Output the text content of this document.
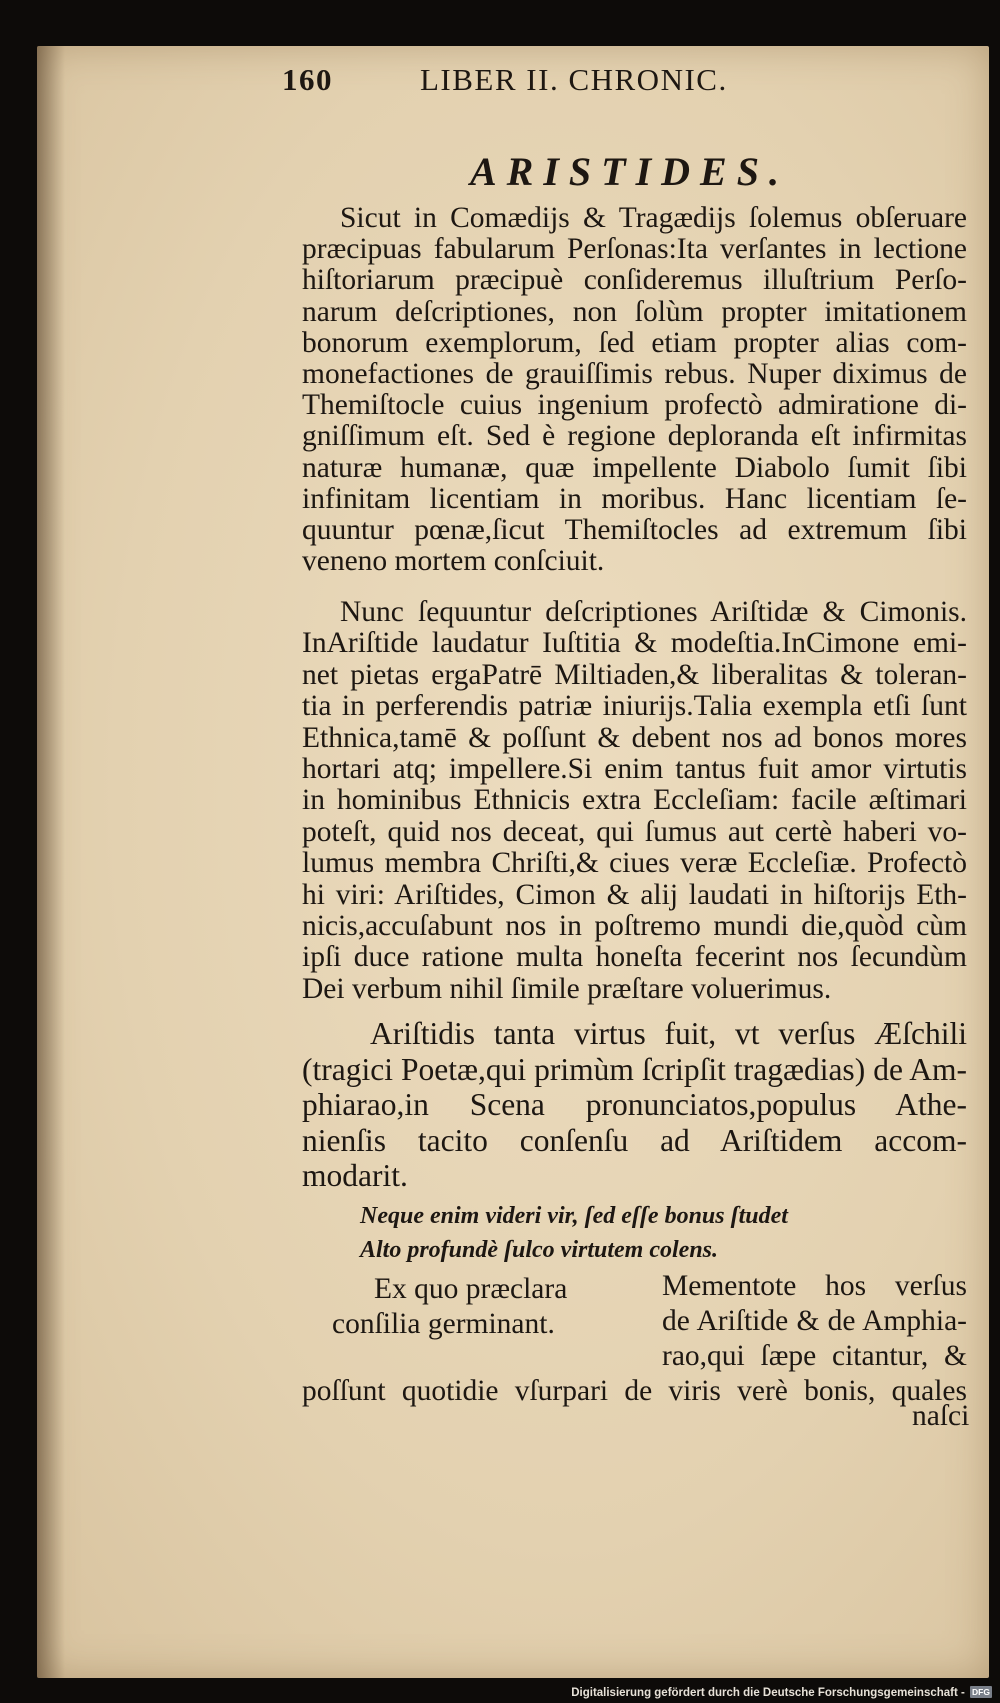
160	LIBER II. CHRONIC.
ARISTIDES.
Sicut in Comædijs & Tragædijs ſolemus obſeruare
præcipuas fabularum Perſonas:Ita verſantes in lectione
hiſtoriarum præcipuè conſideremus illuſtrium Perſo-
narum deſcriptiones, non ſolùm propter imitationem
bonorum exemplorum, ſed etiam propter alias com-
monefactiones de grauiſſimis rebus. Nuper diximus de
Themiſtocle cuius ingenium profectò admiratione di-
gniſſimum eſt. Sed è regione deploranda eſt infirmitas
naturæ humanæ, quæ impellente Diabolo ſumit ſibi
infinitam licentiam in moribus. Hanc licentiam ſe-
quuntur pœnæ,ſicut Themiſtocles ad extremum ſibi
veneno mortem conſciuit.
Nunc ſequuntur deſcriptiones Ariſtidæ & Cimonis.
InAriſtide laudatur Iuſtitia & modeſtia.InCimone emi-
net pietas ergaPatrē Miltiaden,& liberalitas & toleran-
tia in perferendis patriæ iniurijs.Talia exempla etſi ſunt
Ethnica,tamē & poſſunt & debent nos ad bonos mores
hortari atq; impellere.Si enim tantus fuit amor virtutis
in hominibus Ethnicis extra Eccleſiam: facile æſtimari
poteſt, quid nos deceat, qui ſumus aut certè haberi vo-
lumus membra Chriſti,& ciues veræ Eccleſiæ. Profectò
hi viri: Ariſtides, Cimon & alij laudati in hiſtorijs Eth-
nicis,accuſabunt nos in poſtremo mundi die,quòd cùm
ipſi duce ratione multa honeſta fecerint nos ſecundùm
Dei verbum nihil ſimile præſtare voluerimus.
Ariſtidis tanta virtus fuit, vt verſus Æſchili
(tragici Poetæ,qui primùm ſcripſit tragædias) de Am-
phiarao,in Scena pronunciatos,populus Athe-
nienſis tacito conſenſu ad Ariſtidem accom-
modarit.
Neque enim videri vir, ſed eſſe bonus ſtudet
Alto profundè ſulco virtutem colens.
Ex quo præclara
conſilia germinant.
Mementote hos verſus
de Ariſtide & de Amphia-
rao,qui ſæpe citantur, &
poſſunt quotidie vſurpari de viris verè bonis, quales
naſci
Digitalisierung gefördert durch die Deutsche Forschungsgemeinschaft - DFG
